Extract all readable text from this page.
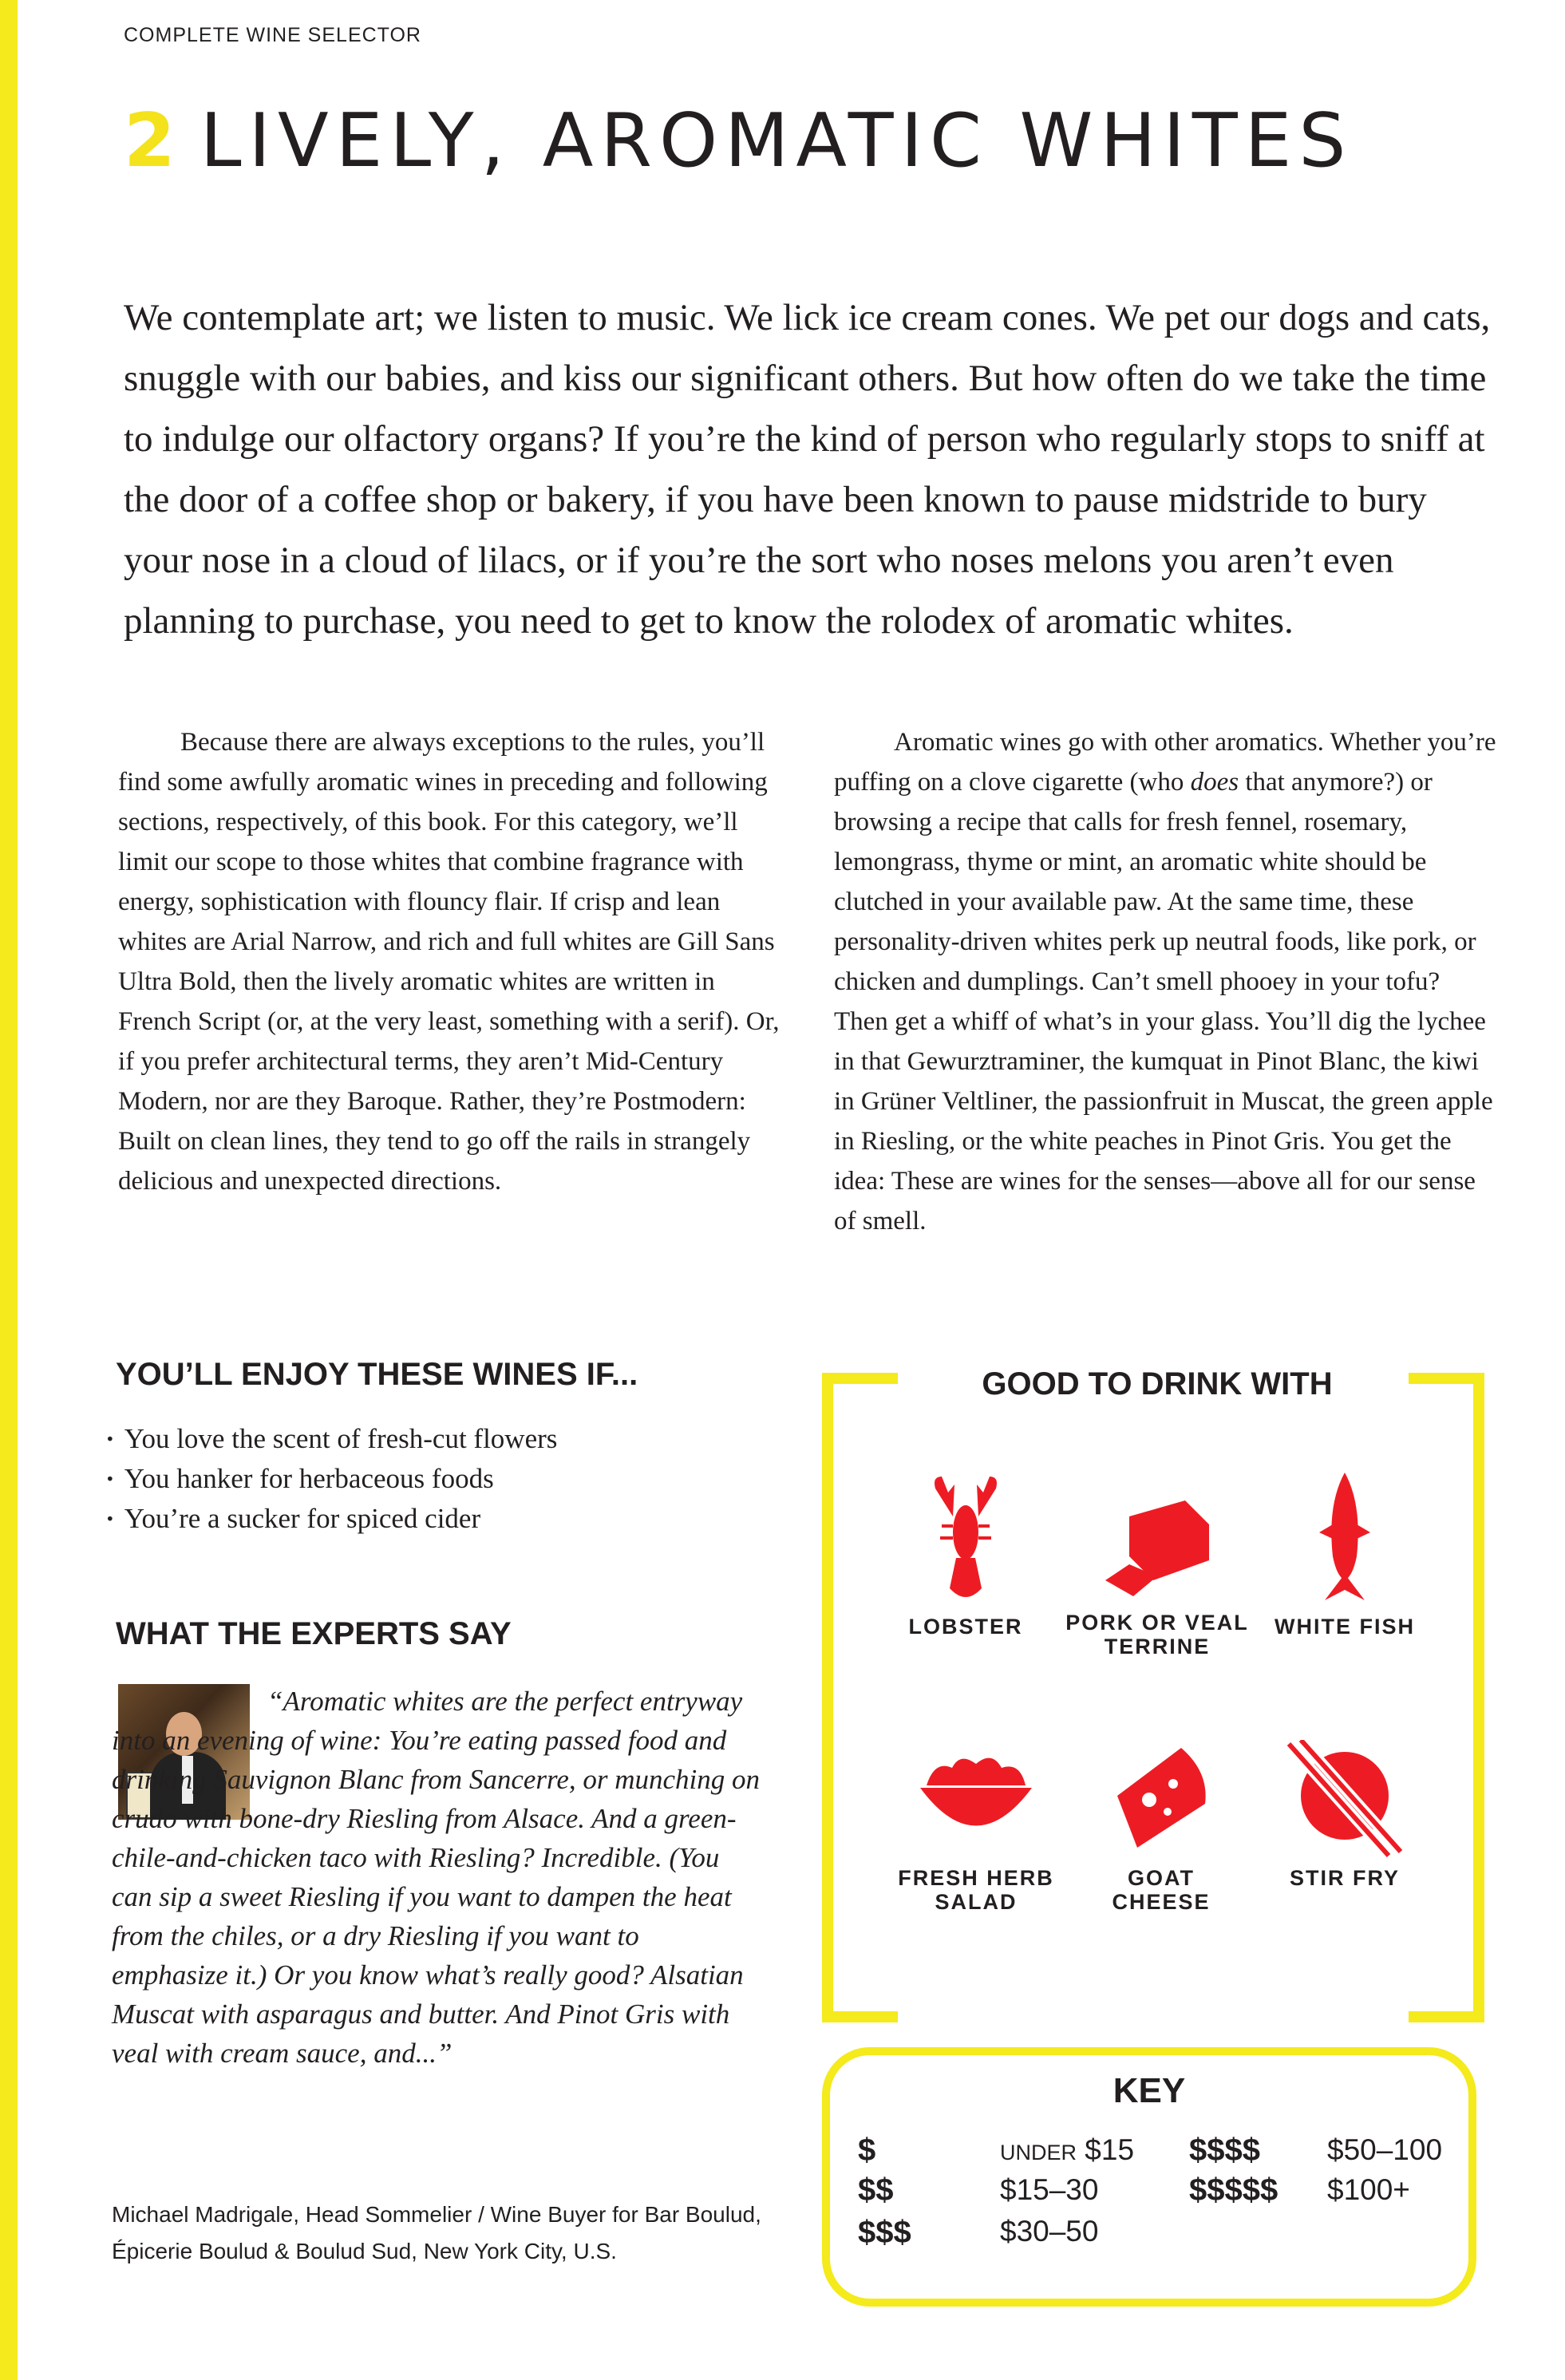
COMPLETE WINE SELECTOR
2 LIVELY, AROMATIC WHITES

We contemplate art; we listen to music. We lick ice cream cones. We pet our dogs and cats, snuggle with our babies, and kiss our significant others. But how often do we take the time to indulge our olfactory organs? If you’re the kind of person who regularly stops to sniff at the door of a coffee shop or bakery, if you have been known to pause midstride to bury your nose in a cloud of lilacs, or if you’re the sort who noses melons you aren’t even planning to purchase, you need to get to know the rolodex of aromatic whites.

Because there are always exceptions to the rules, you’ll find some awfully aromatic wines in preceding and following sections, respectively, of this book. For this category, we’ll limit our scope to those whites that combine fragrance with energy, sophistication with flouncy flair. If crisp and lean whites are Arial Narrow, and rich and full whites are Gill Sans Ultra Bold, then the lively aromatic whites are written in French Script (or, at the very least, something with a serif). Or, if you prefer architectural terms, they aren’t Mid-Century Modern, nor are they Baroque. Rather, they’re Postmodern: Built on clean lines, they tend to go off the rails in strangely delicious and unexpected directions.

Aromatic wines go with other aromatics. Whether you’re puffing on a clove cigarette (who does that anymore?) or browsing a recipe that calls for fresh fennel, rosemary, lemongrass, thyme or mint, an aromatic white should be clutched in your available paw. At the same time, these personality-driven whites perk up neutral foods, like pork, or chicken and dumplings. Can’t smell phooey in your tofu? Then get a whiff of what’s in your glass. You’ll dig the lychee in that Gewurztraminer, the kumquat in Pinot Blanc, the kiwi in Grüner Veltliner, the passionfruit in Muscat, the green apple in Riesling, or the white peaches in Pinot Gris. You get the idea: These are wines for the senses—above all for our sense of smell.

YOU’LL ENJOY THESE WINES IF...
· You love the scent of fresh-cut flowers
· You hanker for herbaceous foods
· You’re a sucker for spiced cider
WHAT THE EXPERTS SAY

“Aromatic whites are the perfect entryway into an evening of wine: You’re eating passed food and drinking Sauvignon Blanc from Sancerre, or munching on crudo with bone-dry Riesling from Alsace. And a green-chile-and-chicken taco with Riesling? Incredible. (You can sip a sweet Riesling if you want to dampen the heat from the chiles, or a dry Riesling if you want to emphasize it.) Or you know what’s really good? Alsatian Muscat with asparagus and butter. And Pinot Gris with veal with cream sauce, and...”

Michael Madrigale, Head Sommelier / Wine Buyer for Bar Boulud, Épicerie Boulud & Boulud Sud, New York City, U.S.

GOOD TO DRINK WITH
LOBSTER	PORK OR VEAL
TERRINE
WHITE FISH

FRESH HERB
SALAD
GOAT
CHEESE
STIR FRY

KEY
$	UNDER $15
$$	$15–30
$$$	$30–50
$$$$ $50–100
$$$$$ $100+
